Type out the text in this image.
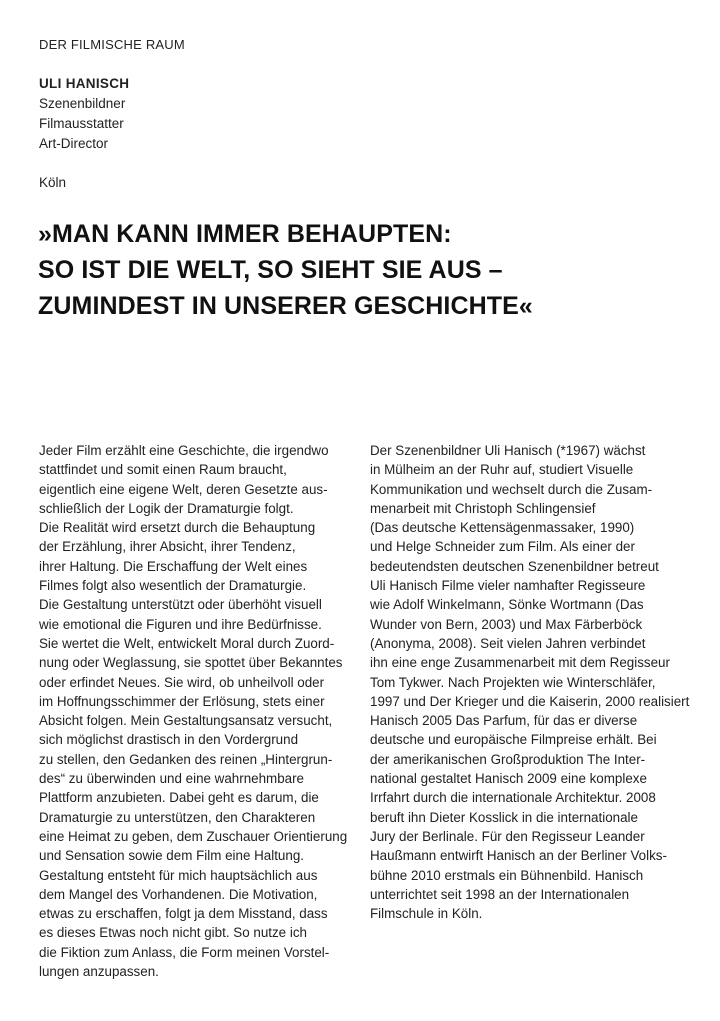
DER FILMISCHE RAUM
ULI HANISCH
Szenenbildner
Filmausstatter
Art-Director
Köln
»MAN KANN IMMER BEHAUPTEN:
SO IST DIE WELT, SO SIEHT SIE AUS –
ZUMINDEST IN UNSERER GESCHICHTE«
Jeder Film erzählt eine Geschichte, die irgendwo
stattfindet und somit einen Raum braucht,
eigentlich eine eigene Welt, deren Gesetzte aus-
schließlich der Logik der Dramaturgie folgt.
Die Realität wird ersetzt durch die Behauptung
der Erzählung, ihrer Absicht, ihrer Tendenz,
ihrer Haltung. Die Erschaffung der Welt eines
Filmes folgt also wesentlich der Dramaturgie.
Die Gestaltung unterstützt oder überhöht visuell
wie emotional die Figuren und ihre Bedürfnisse.
Sie wertet die Welt, entwickelt Moral durch Zuord-
nung oder Weglassung, sie spottet über Bekanntes
oder erfindet Neues. Sie wird, ob unheilvoll oder
im Hoffnungsschimmer der Erlösung, stets einer
Absicht folgen. Mein Gestaltungsansatz versucht,
sich möglichst drastisch in den Vordergrund
zu stellen, den Gedanken des reinen „Hintergrun-
des“ zu überwinden und eine wahrnehmbare
Plattform anzubieten. Dabei geht es darum, die
Dramaturgie zu unterstützen, den Charakteren
eine Heimat zu geben, dem Zuschauer Orientierung
und Sensation sowie dem Film eine Haltung.
Gestaltung entsteht für mich hauptsächlich aus
dem Mangel des Vorhandenen. Die Motivation,
etwas zu erschaffen, folgt ja dem Misstand, dass
es dieses Etwas noch nicht gibt. So nutze ich
die Fiktion zum Anlass, die Form meinen Vorstel-
lungen anzupassen.
Der Szenenbildner Uli Hanisch (*1967) wächst
in Mülheim an der Ruhr auf, studiert Visuelle
Kommunikation und wechselt durch die Zusam-
menarbeit mit Christoph Schlingensief
(Das deutsche Kettensägenmassaker, 1990)
und Helge Schneider zum Film. Als einer der
bedeutendsten deutschen Szenenbildner betreut
Uli Hanisch Filme vieler namhafter Regisseure
wie Adolf Winkelmann, Sönke Wortmann (Das
Wunder von Bern, 2003) und Max Färberböck
(Anonyma, 2008). Seit vielen Jahren verbindet
ihn eine enge Zusammenarbeit mit dem Regisseur
Tom Tykwer. Nach Projekten wie Winterschläfer,
1997 und Der Krieger und die Kaiserin, 2000 realisiert
Hanisch 2005 Das Parfum, für das er diverse
deutsche und europäische Filmpreise erhält. Bei
der amerikanischen Großproduktion The Inter-
national gestaltet Hanisch 2009 eine komplexe
Irrfahrt durch die internationale Architektur. 2008
beruft ihn Dieter Kosslick in die internationale
Jury der Berlinale. Für den Regisseur Leander
Haußmann entwirft Hanisch an der Berliner Volks-
bühne 2010 erstmals ein Bühnenbild. Hanisch
unterrichtet seit 1998 an der Internationalen
Filmschule in Köln.
